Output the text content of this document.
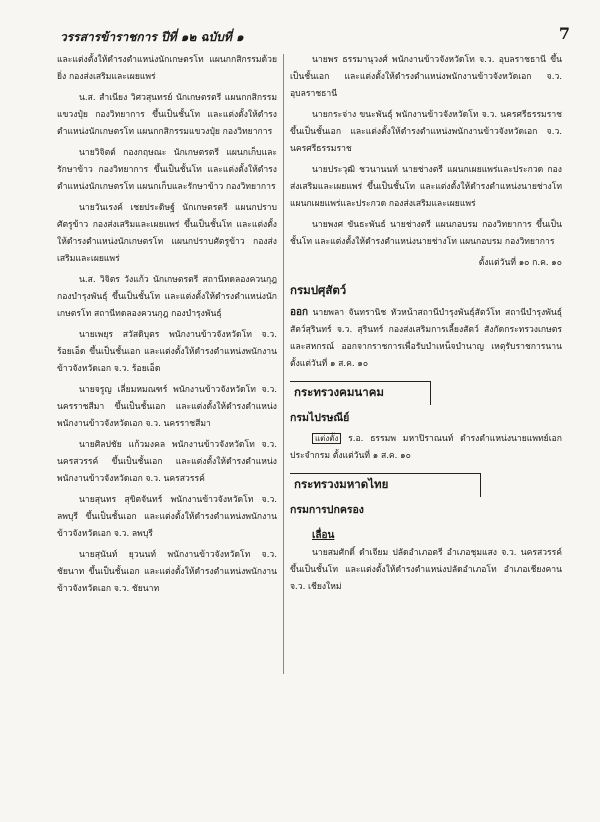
วรรสารข้าราชการ ปีที่ ๑๒ ฉบับที่ ๑	7

และแต่งตั้งให้ดำรงตำแหน่งนักเกษตรโท แผนกกสิกรรมด้วยยิ่ง กองส่งเสริมและเผยแพร่

น.ส. สำเนียง วิศวสุนทรย์ นักเกษตรตรี แผนกกสิกรรมแขวงปุ๋ย กองวิทยาการ ขึ้นเป็นชั้นโท และแต่งตั้งให้ดำรงตำแหน่งนักเกษตรโท แผนกกสิกรรมแขวงปุ๋ย กองวิทยาการ

นายวิจิตต์ กองกฤษณะ นักเกษตรตรี แผนกเก็บและรักษาข้าว กองวิทยาการ ขึ้นเป็นชั้นโท และแต่งตั้งให้ดำรงตำแหน่งนักเกษตรโท แผนกเก็บและรักษาข้าว กองวิทยาการ

นายวันเรงค์ เชยประดิษฐ์ นักเกษตรตรี แผนกปราบศัตรูข้าว กองส่งเสริมและเผยแพร่ ขึ้นเป็นชั้นโท และแต่งตั้งให้ดำรงตำแหน่งนักเกษตรโท แผนกปราบศัตรูข้าว กองส่งเสริมและเผยแพร่

น.ส. วิจิตร วังแก้ว นักเกษตรตรี สถานีทดลองควนกุฎ กองบำรุงพันธุ์ ขึ้นเป็นชั้นโท และแต่งตั้งให้ดำรงตำแหน่งนักเกษตรโท สถานีทดลองควนกุฎ กองบำรุงพันธุ์

นายเพยุร สวัสดิบุตร พนักงานข้าวจังหวัดโท จ.ว. ร้อยเอ็ด ขึ้นเป็นชั้นเอก และแต่งตั้งให้ดำรงตำแหน่งพนักงานข้าวจังหวัดเอก จ.ว. ร้อยเอ็ด

นายจรูญ เลี่ยมหมณฑร์ พนักงานข้าวจังหวัดโท จ.ว. นครราชสีมา ขึ้นเป็นชั้นเอก และแต่งตั้งให้ดำรงตำแหน่งพนักงานข้าวจังหวัดเอก จ.ว. นครราชสีมา

นายศิลปชัย แก้วมงคล พนักงานข้าวจังหวัดโท จ.ว. นครสวรรค์ ขึ้นเป็นชั้นเอก และแต่งตั้งให้ดำรงตำแหน่งพนักงานข้าวจังหวัดเอก จ.ว. นครสวรรค์

นายสุนทร สุขิตจันทร์ พนักงานข้าวจังหวัดโท จ.ว. ลพบุรี ขึ้นเป็นชั้นเอก และแต่งตั้งให้ดำรงตำแหน่งพนักงานข้าวจังหวัดเอก จ.ว. ลพบุรี

นายสุนันท์ ยุวนนท์ พนักงานข้าวจังหวัดโท จ.ว. ชัยนาท ขึ้นเป็นชั้นเอก และแต่งตั้งให้ดำรงตำแหน่งพนักงานข้าวจังหวัดเอก จ.ว. ชัยนาท

นายพร ธรรมานุวงศ์ พนักงานข้าวจังหวัดโท จ.ว. อุบลราชธานี ขึ้นเป็นชั้นเอก และแต่งตั้งให้ดำรงตำแหน่งพนักงานข้าวจังหวัดเอก จ.ว. อุบลราชธานี

นายกระจ่าง ขนะพันธุ์ พนักงานข้าวจังหวัดโท จ.ว. นครศรีธรรมราช ขึ้นเป็นชั้นเอก และแต่งตั้งให้ดำรงตำแหน่งพนักงานข้าวจังหวัดเอก จ.ว. นครศรีธรรมราช

นายประวุฒิ ชวนานนท์ นายช่างตรี แผนกเผยแพร่และประกวด กองส่งเสริมและเผยแพร่ ขึ้นเป็นชั้นโท และแต่งตั้งให้ดำรงตำแหน่งนายช่างโท แผนกเผยแพร่และประกวด กองส่งเสริมและเผยแพร่

นายพงศ ขันธะพันธ์ นายช่างตรี แผนกอบรม กองวิทยาการ ขึ้นเป็นชั้นโท และแต่งตั้งให้ดำรงตำแหน่งนายช่างโท แผนกอบรม กองวิทยาการ

ตั้งแต่วันที่ ๑๐ ก.ค. ๑๐

กรมปศุสัตว์

ออก นายพลา จันทรานิช หัวหน้าสถานีบำรุงพันธุ์สัตว์โท สถานีบำรุงพันธุ์สัตว์สุรินทร์ จ.ว. สุรินทร์ กองส่งเสริมการเลี้ยงสัตว์ สังกัดกระทรวงเกษตรและสหกรณ์ ออกจากราชการเพื่อรับบำเหน็จบำนาญ เหตุรับราชการนาน ตั้งแต่วันที่ ๑ ส.ค. ๑๐

กระทรวงคมนาคม
กรมไปรษณีย์

แต่งตั้ง ร.อ. ธรรมพ มหาปิราณนท์ ดำรงตำแหน่งนายแพทย์เอกประจำกรม ตั้งแต่วันที่ ๑ ส.ค. ๑๐

กระทรวงมหาดไทย
กรมการปกครอง
เลื่อน

นายสมศักดิ์ ดำเจียม ปลัดอำเภอตรี อำเภอชุมแสง จ.ว. นครสวรรค์ ขึ้นเป็นชั้นโท และแต่งตั้งให้ดำรงตำแหน่งปลัดอำเภอโท อำเภอเชียงคาน จ.ว. เชียงใหม่
